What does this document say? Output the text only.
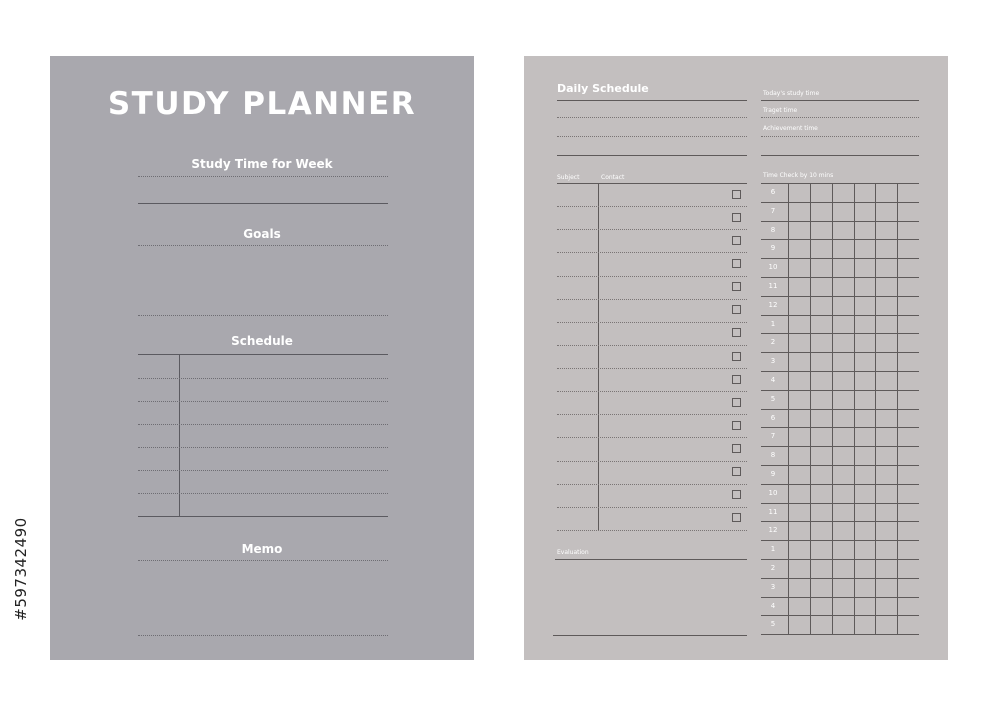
STUDY PLANNER
Study Time for Week
Goals
Schedule
Memo
Daily Schedule	Today's study time
Traget time
Achievement time
Subject	Contact
Evaluation
Time Check by 10 mins
6
7
8
9
10
11
12
1
2
3
4
5
6
7
8
9
10
11
12
1
2
3
4
5
#597342490
